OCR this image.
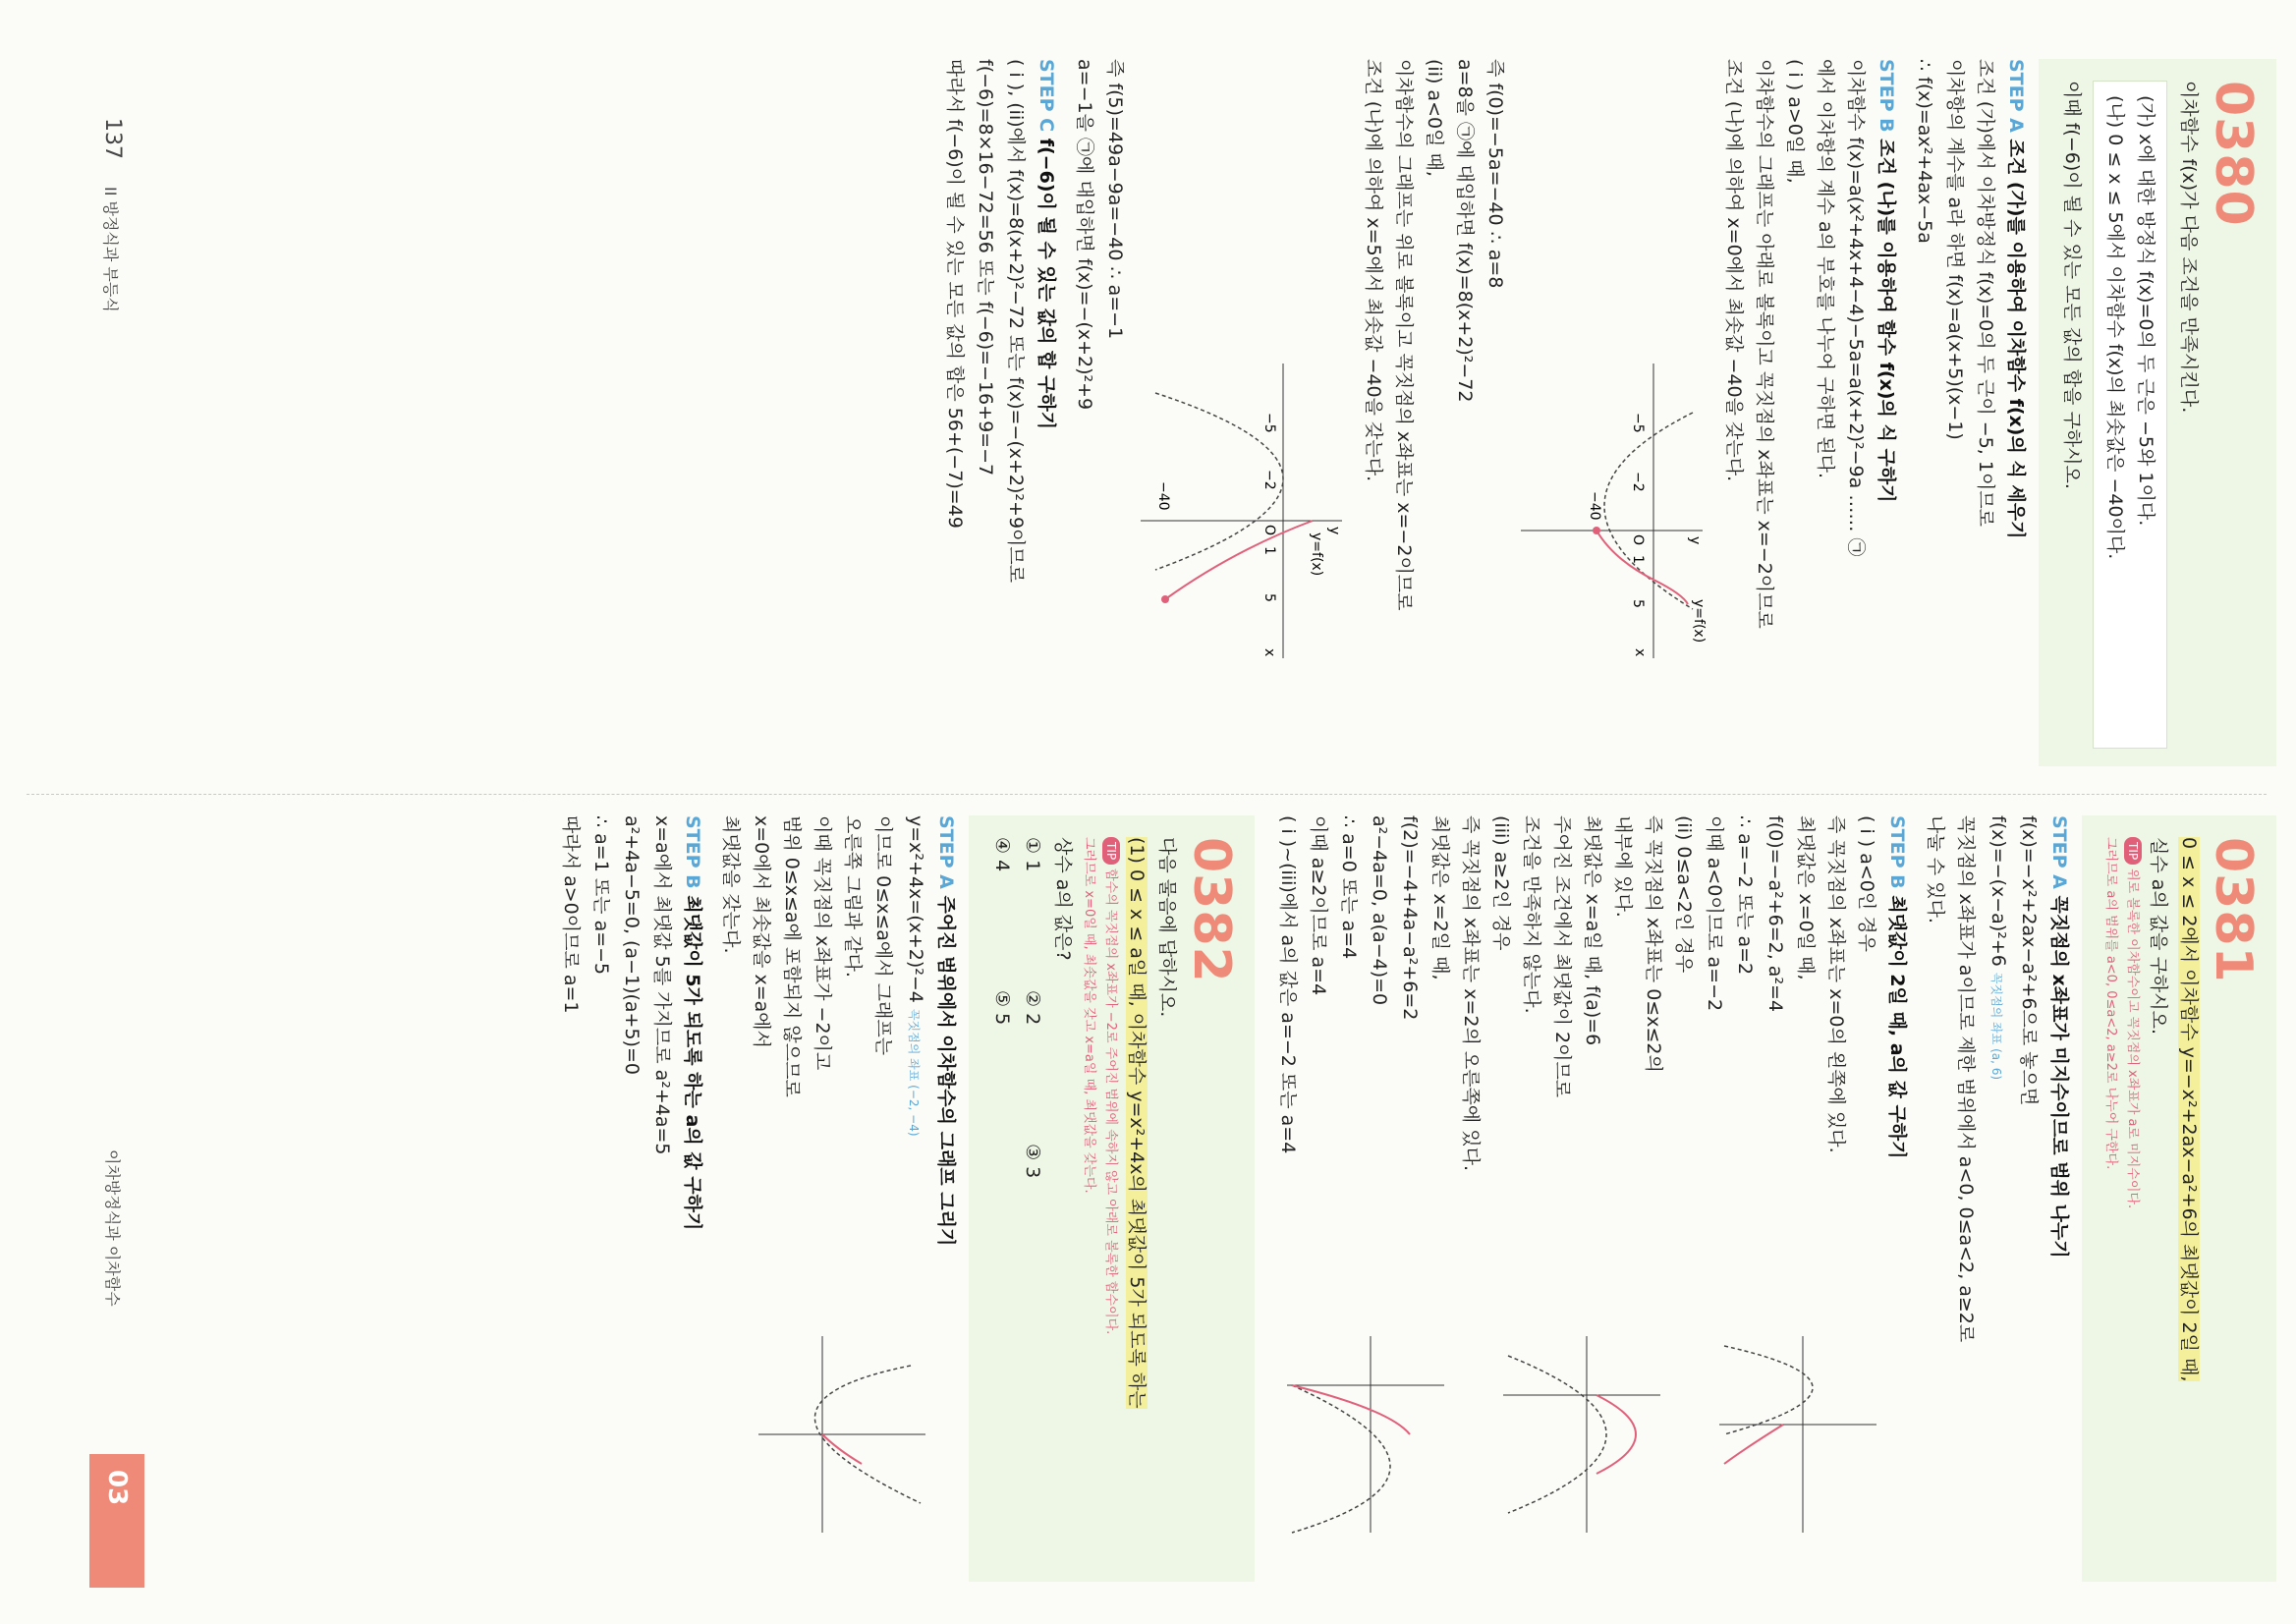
0380

이차함수 f(x)가 다음 조건을 만족시킨다.

(가) x에 대한 방정식 f(x)=0의 두 근은 −5와 1이다.

(나) 0 ≤ x ≤ 5에서 이차함수 f(x)의 최솟값은 −40이다.

이때 f(−6)이 될 수 있는 모든 값의 합을 구하시오.

STEP A 조건 (가)를 이용하여 이차함수 f(x)의 식 세우기

조건 (가)에서 이차방정식 f(x)=0의 두 근이 −5, 1이므로

이차항의 계수를 a라 하면 f(x)=a(x+5)(x−1)

∴ f(x)=ax²+4ax−5a

STEP B 조건 (나)를 이용하여 함수 f(x)의 식 구하기

이차함수 f(x)=a(x²+4x+4−4)−5a=a(x+2)²−9a …… ㉠

에서 이차항의 계수 a의 부호를 나누어 구하면 된다.

( i ) a>0일 때,

이차함수의 그래프는 아래로 볼록이고 꼭짓점의 x좌표는 x=−2이므로

조건 (나)에 의하여 x=0에서 최솟값 −40을 갖는다.

x
y
−5
−2
O
1
5
−40
y=f(x)

즉 f(0)=−5a=−40 ∴ a=8

a=8을 ㉠에 대입하면 f(x)=8(x+2)²−72

(ii) a<0일 때,

이차함수의 그래프는 위로 볼록이고 꼭짓점의 x좌표는 x=−2이므로

조건 (나)에 의하여 x=5에서 최솟값 −40을 갖는다.

x
y
−5
−2
O
1
5
−40
y=f(x)

즉 f(5)=49a−9a=−40 ∴ a=−1

a=−1을 ㉠에 대입하면 f(x)=−(x+2)²+9

STEP C f(−6)이 될 수 있는 값의 합 구하기

( i ), (ii)에서 f(x)=8(x+2)²−72 또는 f(x)=−(x+2)²+9이므로

f(−6)=8×16−72=56 또는 f(−6)=−16+9=−7

따라서 f(−6)이 될 수 있는 모든 값의 합은 56+(−7)=49

0381

0 ≤ x ≤ 2에서 이차함수 y=−x²+2ax−a²+6의 최댓값이 2일 때,

실수 a의 값을 구하시오.

TIP위로 볼록한 이차함수이고 꼭짓점의 x좌표가 a로 미지수이다.

그러므로 a의 범위를 a<0, 0≤a<2, a≥2로 나누어 구한다.

STEP A 꼭짓점의 x좌표가 미지수이므로 범위 나누기

f(x)=−x²+2ax−a²+6으로 놓으면

f(x)=−(x−a)²+6 꼭짓점의 좌표 (a, 6)

꼭짓점의 x좌표가 a이므로 제한 범위에서 a<0, 0≤a<2, a≥2로

나눌 수 있다.

STEP B 최댓값이 2일 때, a의 값 구하기

( i ) a<0인 경우

즉 꼭짓점의 x좌표는 x=0의 왼쪽에 있다.

최댓값은 x=0일 때,

f(0)=−a²+6=2, a²=4

∴ a=−2 또는 a=2

이때 a<0이므로 a=−2

(ii) 0≤a<2인 경우

즉 꼭짓점의 x좌표는 0≤x≤2의

내부에 있다.

최댓값은 x=a일 때, f(a)=6

주어진 조건에서 최댓값이 2이므로

조건을 만족하지 않는다.

(iii) a≥2인 경우

즉 꼭짓점의 x좌표는 x=2의 오른쪽에 있다.

최댓값은 x=2일 때,

f(2)=−4+4a−a²+6=2

a²−4a=0, a(a−4)=0

∴ a=0 또는 a=4

이때 a≥2이므로 a=4

( i )~(iii)에서 a의 값은 a=−2 또는 a=4

0382

다음 물음에 답하시오.

(1) 0 ≤ x ≤ a일 때, 이차함수 y=x²+4x의 최댓값이 5가 되도록 하는

TIP함수의 꼭짓점의 x좌표가 −2로 주어진 범위에 속하지 않고 아래로 볼록한 함수이다.

그러므로 x=0일 때, 최솟값을 갖고 x=a일 때, 최댓값을 갖는다.

상수 a의 값은?

① 1 ② 2 ③ 3

④ 4 ⑤ 5

STEP A 주어진 범위에서 이차함수의 그래프 그리기

y=x²+4x=(x+2)²−4 꼭짓점의 좌표 (−2, −4)

이므로 0≤x≤a에서 그래프는

오른쪽 그림과 같다.

이때 꼭짓점의 x좌표가 −2이고

범위 0≤x≤a에 포함되지 않으므로

x=0에서 최솟값을 x=a에서

최댓값을 갖는다.

STEP B 최댓값이 5가 되도록 하는 a의 값 구하기

x=a에서 최댓값 5를 가지므로 a²+4a=5

a²+4a−5=0, (a−1)(a+5)=0

∴ a=1 또는 a=−5

따라서 a>0이므로 a=1

03
이차방정식과 이차함수
137
II 방정식과 부등식
